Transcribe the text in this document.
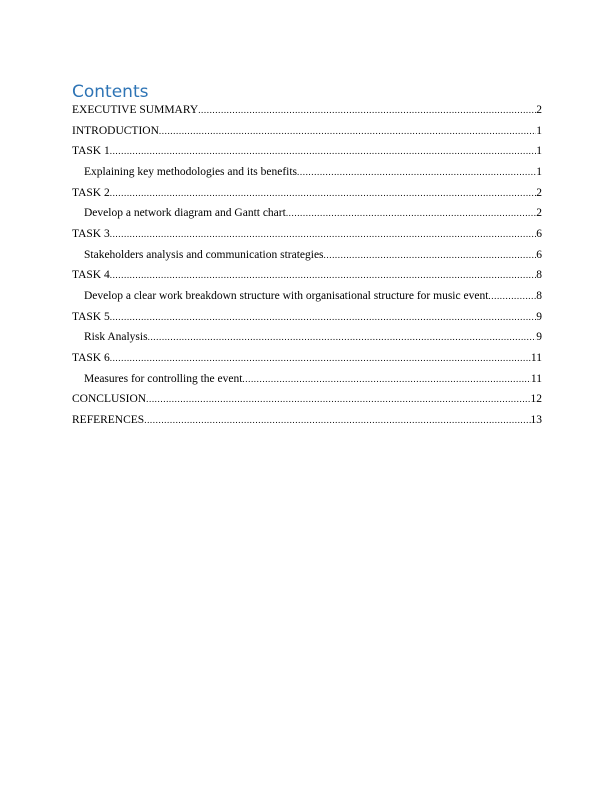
Contents
EXECUTIVE SUMMARY .....	2
INTRODUCTION .....	1
TASK 1 .....	1
Explaining key methodologies and its benefits .....	1
TASK 2 .....	2
Develop a network diagram and Gantt chart .....	2
TASK 3 .....	6
Stakeholders analysis and communication strategies .....	6
TASK 4 .....	8
Develop a clear work breakdown structure with organisational structure for music event .....	8
TASK 5 .....	9
Risk Analysis .....	9
TASK 6 .....	11
Measures for controlling the event .....	11
CONCLUSION .....	12
REFERENCES .....	13
